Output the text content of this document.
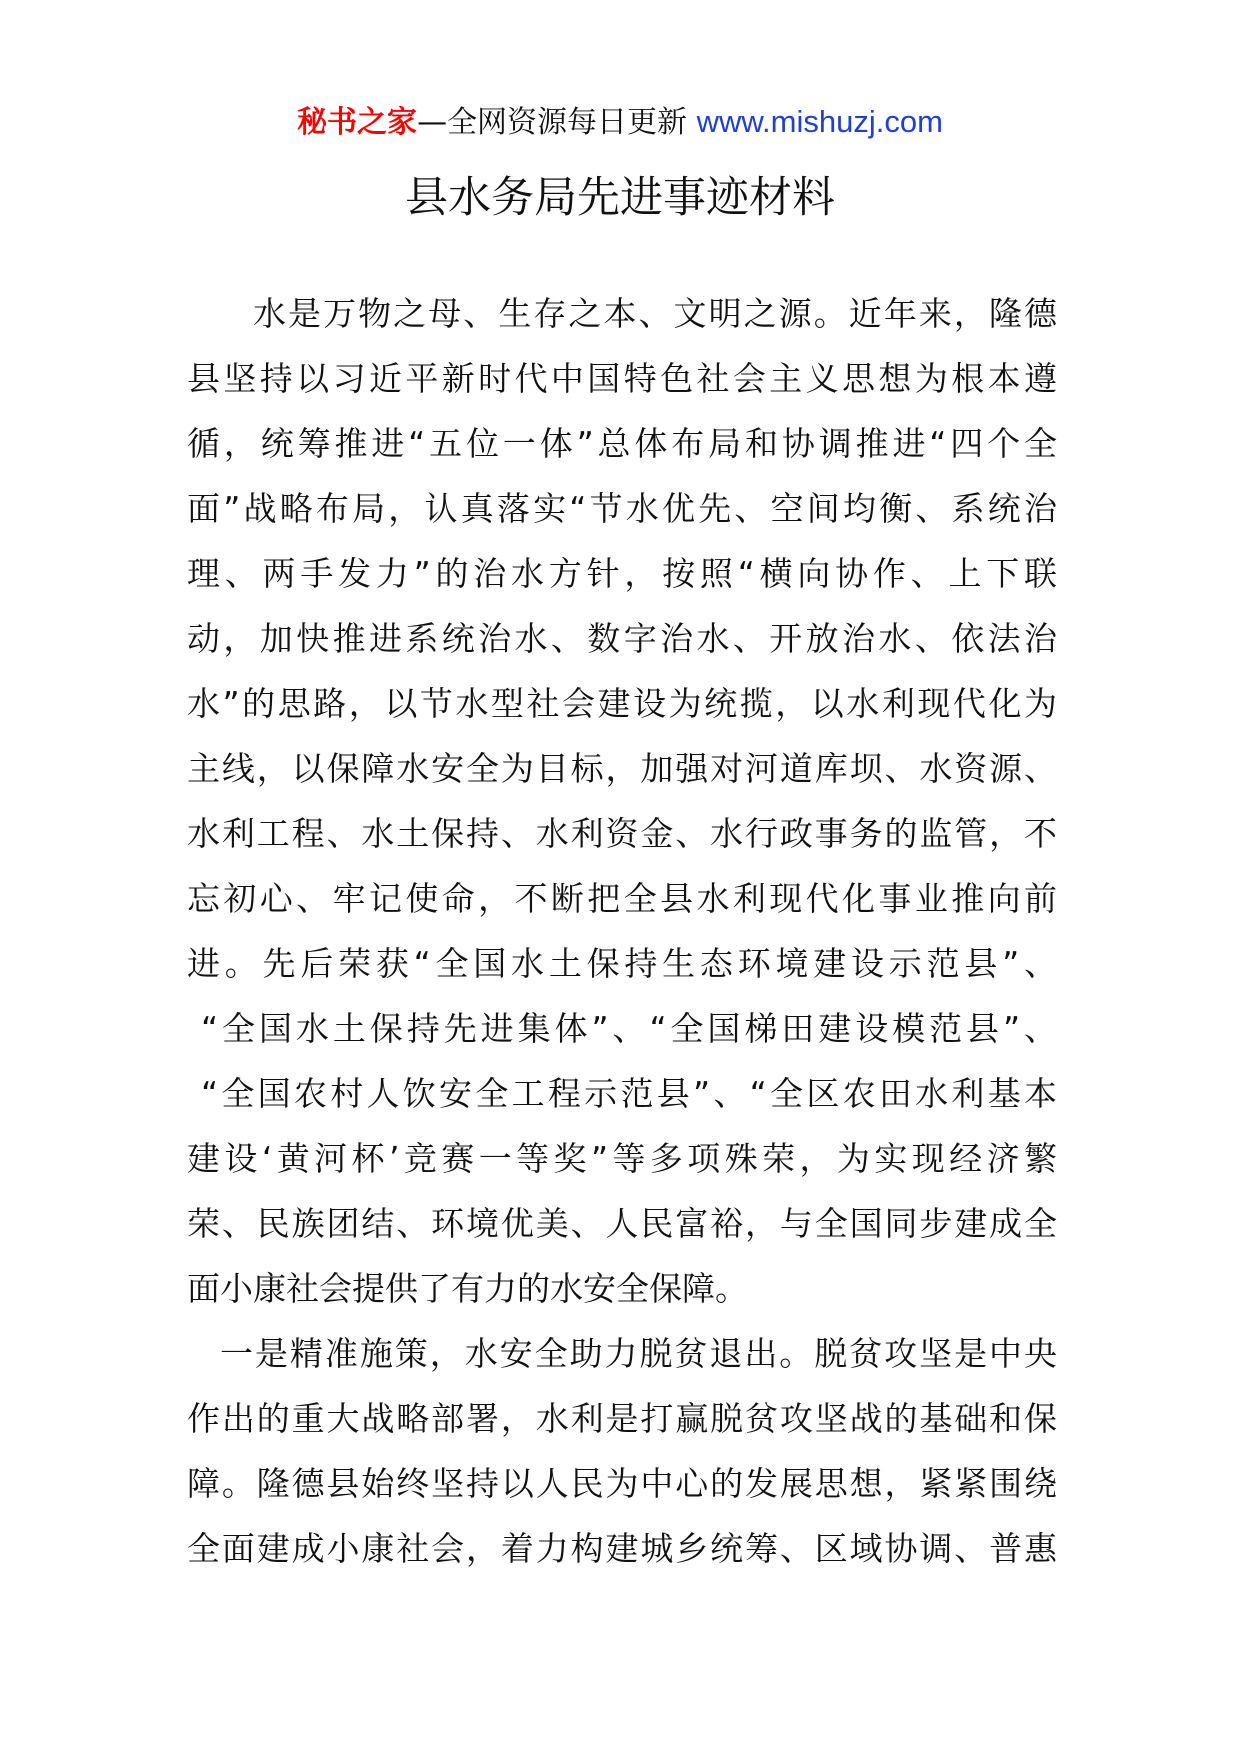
秘书之家—全网资源每日更新 www.mishuzj.com
县水务局先进事迹材料
水是万物之母、生存之本、文明之源。近年来，隆德
县坚持以习近平新时代中国特色社会主义思想为根本遵
循，统筹推进“五位一体”总体布局和协调推进“四个全
面”战略布局，认真落实“节水优先、空间均衡、系统治
理、两手发力”的治水方针，按照“横向协作、上下联
动，加快推进系统治水、数字治水、开放治水、依法治
水”的思路，以节水型社会建设为统揽，以水利现代化为
主线，以保障水安全为目标，加强对河道库坝、水资源、
水利工程、水土保持、水利资金、水行政事务的监管，不
忘初心、牢记使命，不断把全县水利现代化事业推向前
进。先后荣获“全国水土保持生态环境建设示范县”、
“全国水土保持先进集体”、“全国梯田建设模范县”、
“全国农村人饮安全工程示范县”、“全区农田水利基本
建设‘黄河杯’竞赛一等奖”等多项殊荣，为实现经济繁
荣、民族团结、环境优美、人民富裕，与全国同步建成全
面小康社会提供了有力的水安全保障。
一是精准施策，水安全助力脱贫退出。脱贫攻坚是中央
作出的重大战略部署，水利是打赢脱贫攻坚战的基础和保
障。隆德县始终坚持以人民为中心的发展思想，紧紧围绕
全面建成小康社会，着力构建城乡统筹、区域协调、普惠
